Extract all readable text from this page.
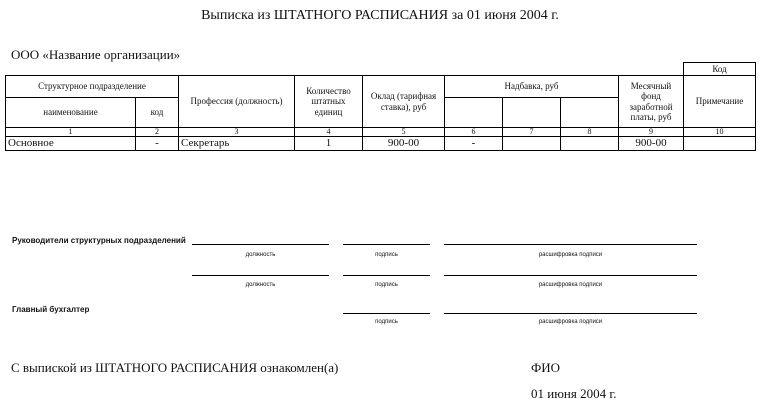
Выписка из ШТАТНОГО РАСПИСАНИЯ за 01 июня 2004 г.
ООО «Название организации»
									Код
Структурное подразделение		Профессия (должность)	Количество штатных единиц	Оклад (тарифная ставка), руб	Надбавка, руб			Месячный фонд заработной платы, руб	Примечание
наименование	код								
1	2	3	4	5	6	7	8	9	10
Основное	-	Секретарь	1	900-00	-			900-00	
Руководители структурных подразделений
должность	подпись	расшифровка подписи
должность	подпись	расшифровка подписи
Главный бухгалтер
подпись	расшифровка подписи
С выпиской из ШТАТНОГО РАСПИСАНИЯ ознакомлен(а)	ФИО
01 июня 2004 г.
